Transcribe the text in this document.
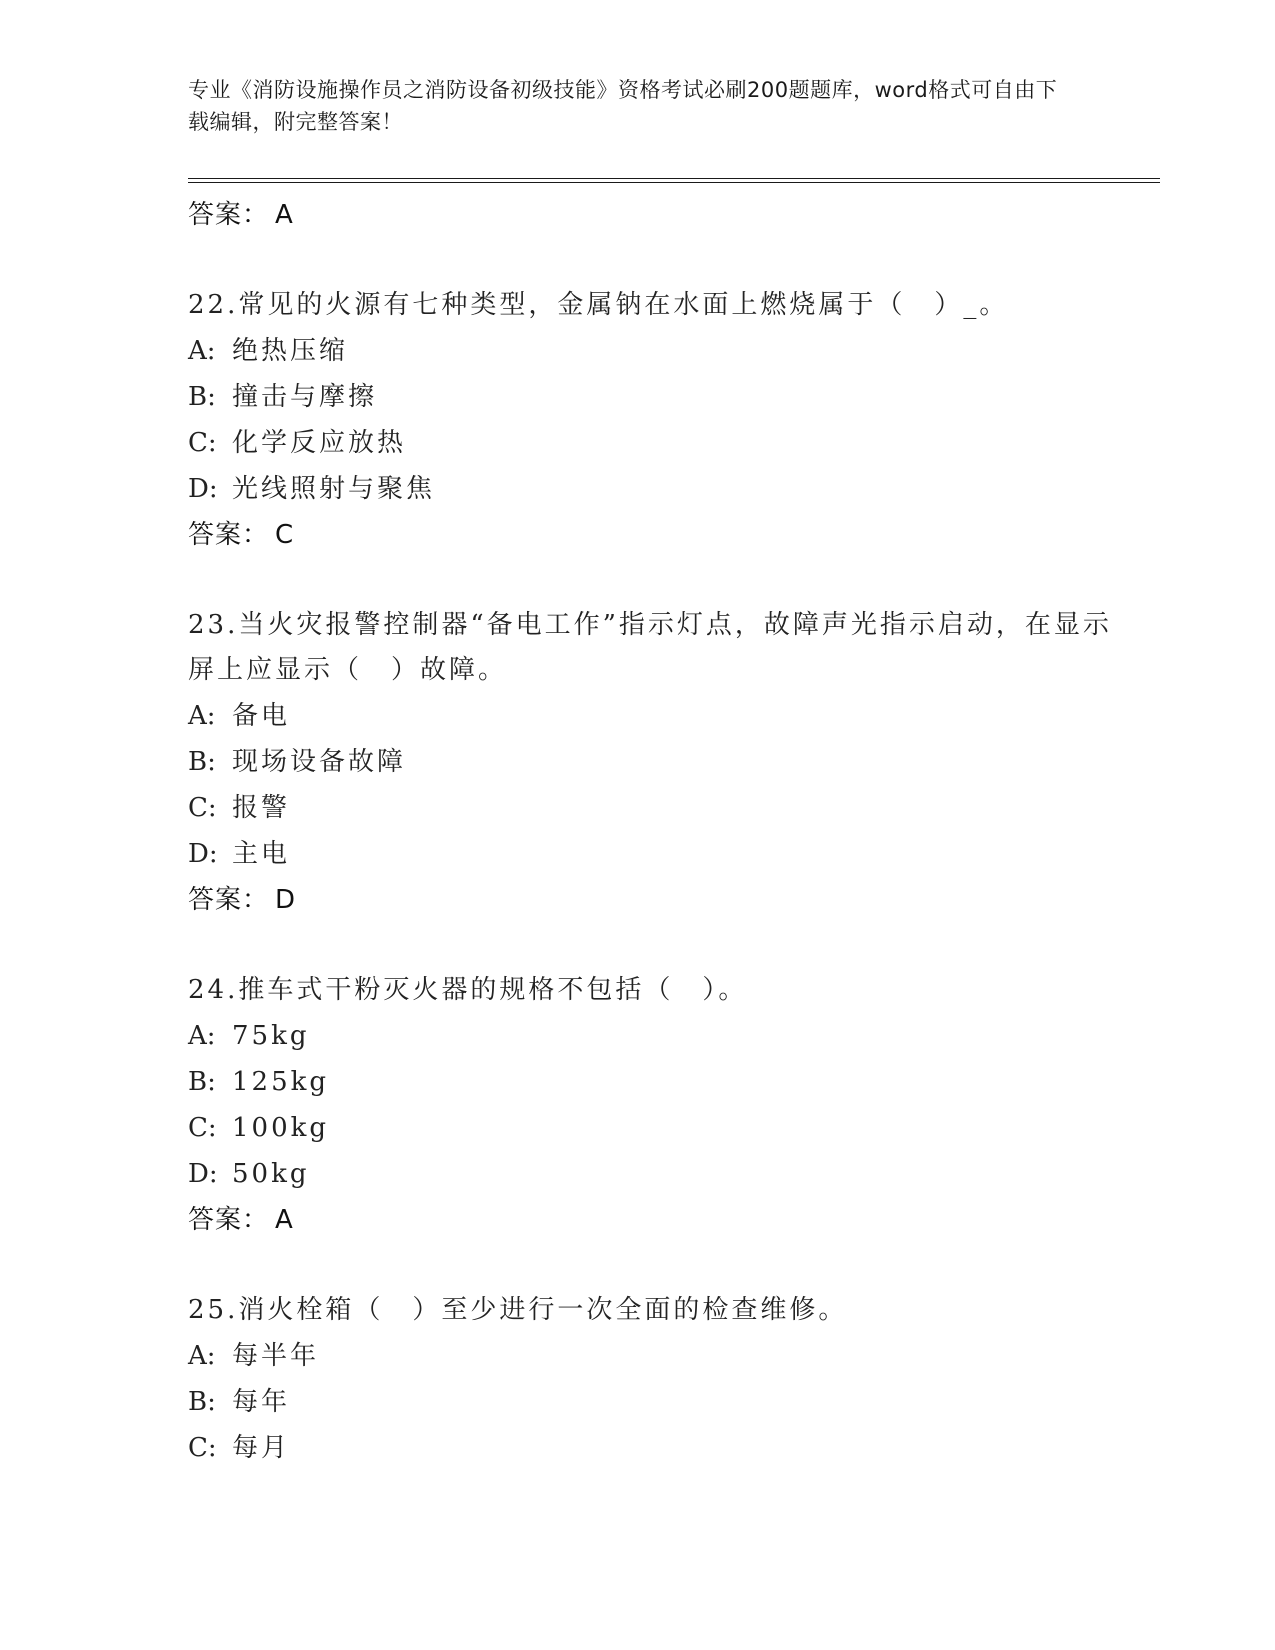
专业《消防设施操作员之消防设备初级技能》资格考试必刷200题题库，word格式可自由下载编辑，附完整答案！
答案： A
22.常见的火源有七种类型，金属钠在水面上燃烧属于（　）_。
A: 绝热压缩
B: 撞击与摩擦
C: 化学反应放热
D: 光线照射与聚焦
答案： C
23.当火灾报警控制器“备电工作”指示灯点，故障声光指示启动，在显示屏上应显示（　）故障。
A: 备电
B: 现场设备故障
C: 报警
D: 主电
答案： D
24.推车式干粉灭火器的规格不包括（　）。
A: 75kg
B: 125kg
C: 100kg
D: 50kg
答案： A
25.消火栓箱（　）至少进行一次全面的检查维修。
A: 每半年
B: 每年
C: 每月
